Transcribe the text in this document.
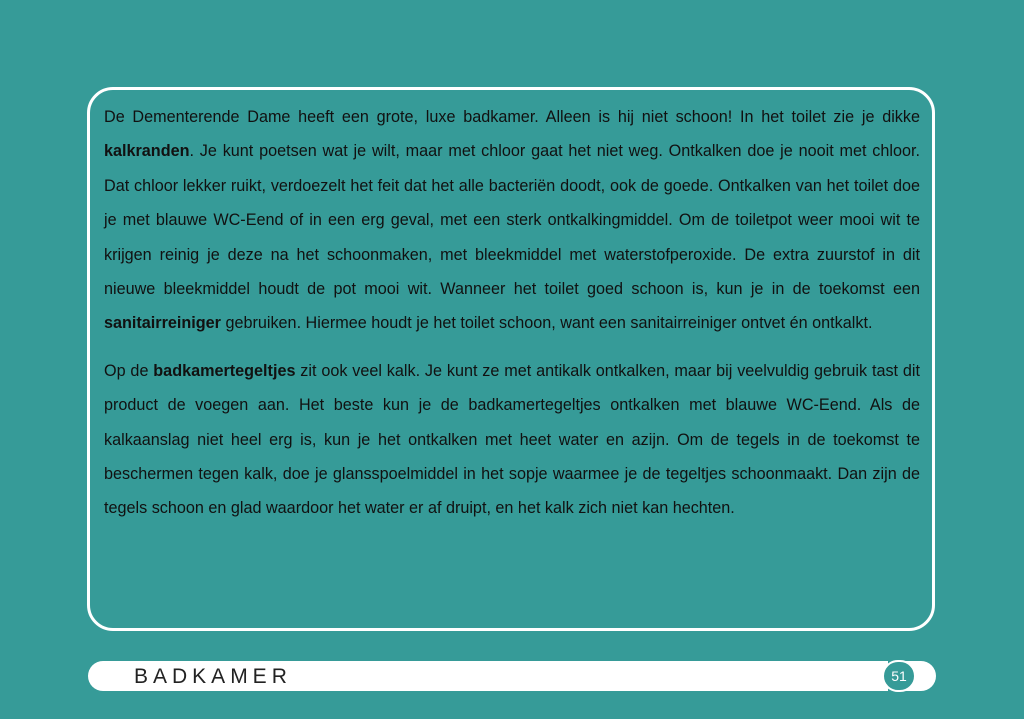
De Dementerende Dame heeft een grote, luxe badkamer. Alleen is hij niet schoon! In het toilet zie je dikke kalkranden. Je kunt poetsen wat je wilt, maar met chloor gaat het niet weg. Ontkalken doe je nooit met chloor. Dat chloor lekker ruikt, verdoezelt het feit dat het alle bacteriën doodt, ook de goede. Ontkalken van het toilet doe je met blauwe WC-Eend of in een erg geval, met een sterk ontkalkingmiddel. Om de toiletpot weer mooi wit te krijgen reinig je deze na het schoonmaken, met bleekmiddel met waterstofperoxide. De extra zuurstof in dit nieuwe bleekmiddel houdt de pot mooi wit. Wanneer het toilet goed schoon is, kun je in de toekomst een sanitairreiniger gebruiken. Hiermee houdt je het toilet schoon, want een sanitairreiniger ontvet én ontkalkt.

Op de badkamertegeltjes zit ook veel kalk. Je kunt ze met antikalk ontkalken, maar bij veelvuldig gebruik tast dit product de voegen aan. Het beste kun je de badkamertegeltjes ontkalken met blauwe WC-Eend. Als de kalkaanslag niet heel erg is, kun je het ontkalken met heet water en azijn. Om de tegels in de toekomst te beschermen tegen kalk, doe je glansspoelmiddel in het sopje waarmee je de tegeltjes schoonmaakt. Dan zijn de tegels schoon en glad waardoor het water er af druipt, en het kalk zich niet kan hechten.

BADKAMER	51
